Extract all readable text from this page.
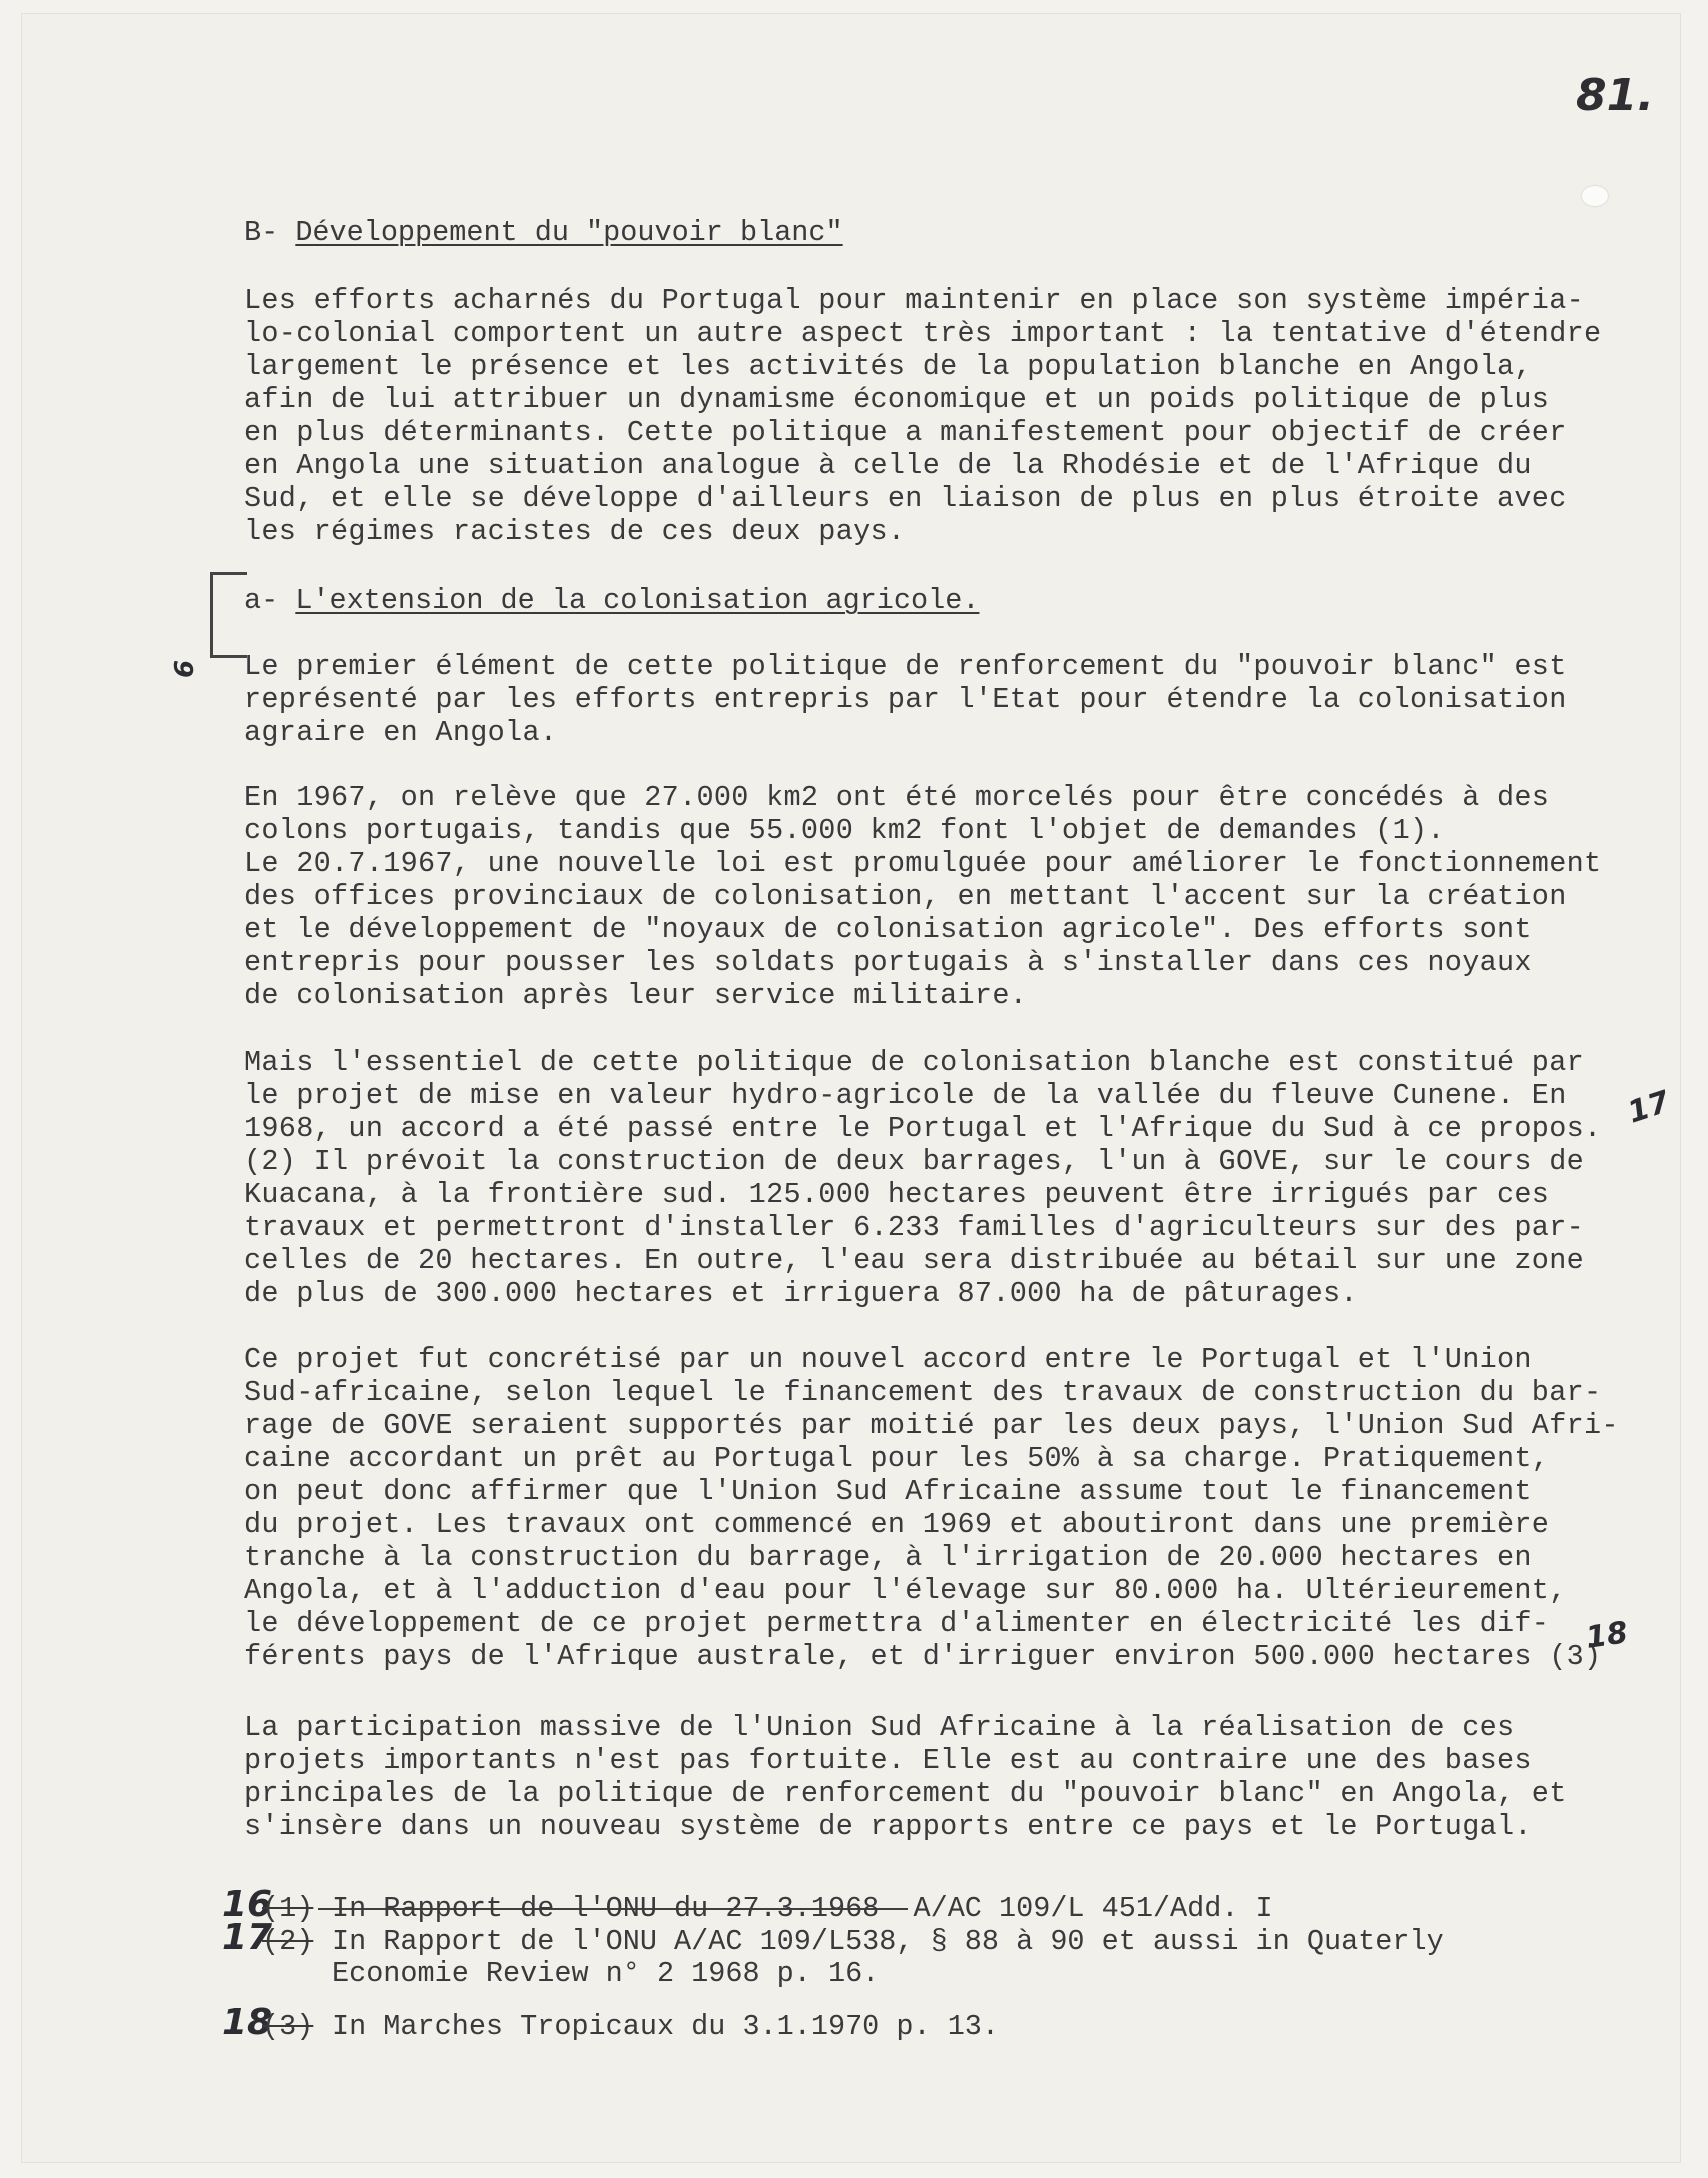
81.
B- Développement du "pouvoir blanc"
Les efforts acharnés du Portugal pour maintenir en place son système impéria-
lo-colonial comportent un autre aspect très important : la tentative d'étendre
largement le présence et les activités de la population blanche en Angola,
afin de lui attribuer un dynamisme économique et un poids politique de plus
en plus déterminants. Cette politique a manifestement pour objectif de créer
en Angola une situation analogue à celle de la Rhodésie et de l'Afrique du
Sud, et elle se développe d'ailleurs en liaison de plus en plus étroite avec
les régimes racistes de ces deux pays.
6
a- L'extension de la colonisation agricole.
Le premier élément de cette politique de renforcement du "pouvoir blanc" est
représenté par les efforts entrepris par l'Etat pour étendre la colonisation
agraire en Angola.
En 1967, on relève que 27.000 km2 ont été morcelés pour être concédés à des
colons portugais, tandis que 55.000 km2 font l'objet de demandes (1).
Le 20.7.1967, une nouvelle loi est promulguée pour améliorer le fonctionnement
des offices provinciaux de colonisation, en mettant l'accent sur la création
et le développement de "noyaux de colonisation agricole". Des efforts sont
entrepris pour pousser les soldats portugais à s'installer dans ces noyaux
de colonisation après leur service militaire.
Mais l'essentiel de cette politique de colonisation blanche est constitué par
le projet de mise en valeur hydro-agricole de la vallée du fleuve Cunene. En
1968, un accord a été passé entre le Portugal et l'Afrique du Sud à ce propos.
(2) Il prévoit la construction de deux barrages, l'un à GOVE, sur le cours de
Kuacana, à la frontière sud. 125.000 hectares peuvent être irrigués par ces
travaux et permettront d'installer 6.233 familles d'agriculteurs sur des par-
celles de 20 hectares. En outre, l'eau sera distribuée au bétail sur une zone
de plus de 300.000 hectares et irriguera 87.000 ha de pâturages.
Ce projet fut concrétisé par un nouvel accord entre le Portugal et l'Union
Sud-africaine, selon lequel le financement des travaux de construction du bar-
rage de GOVE seraient supportés par moitié par les deux pays, l'Union Sud Afri-
caine accordant un prêt au Portugal pour les 50% à sa charge. Pratiquement,
on peut donc affirmer que l'Union Sud Africaine assume tout le financement
du projet. Les travaux ont commencé en 1969 et aboutiront dans une première
tranche à la construction du barrage, à l'irrigation de 20.000 hectares en
Angola, et à l'adduction d'eau pour l'élevage sur 80.000 ha. Ultérieurement,
le développement de ce projet permettra d'alimenter en électricité les dif-
férents pays de l'Afrique australe, et d'irriguer environ 500.000 hectares (3)
La participation massive de l'Union Sud Africaine à la réalisation de ces
projets importants n'est pas fortuite. Elle est au contraire une des bases
principales de la politique de renforcement du "pouvoir blanc" en Angola, et
s'insère dans un nouveau système de rapports entre ce pays et le Portugal.
17
18
16
(1) In Rapport de l'ONU du 27.3.1968  A/AC 109/L 451/Add. I
17
(2) In Rapport de l'ONU A/AC 109/L538, § 88 à 90 et aussi in Quaterly
Economie Review n° 2 1968 p. 16.
18
(3) In Marches Tropicaux du 3.1.1970 p. 13.
